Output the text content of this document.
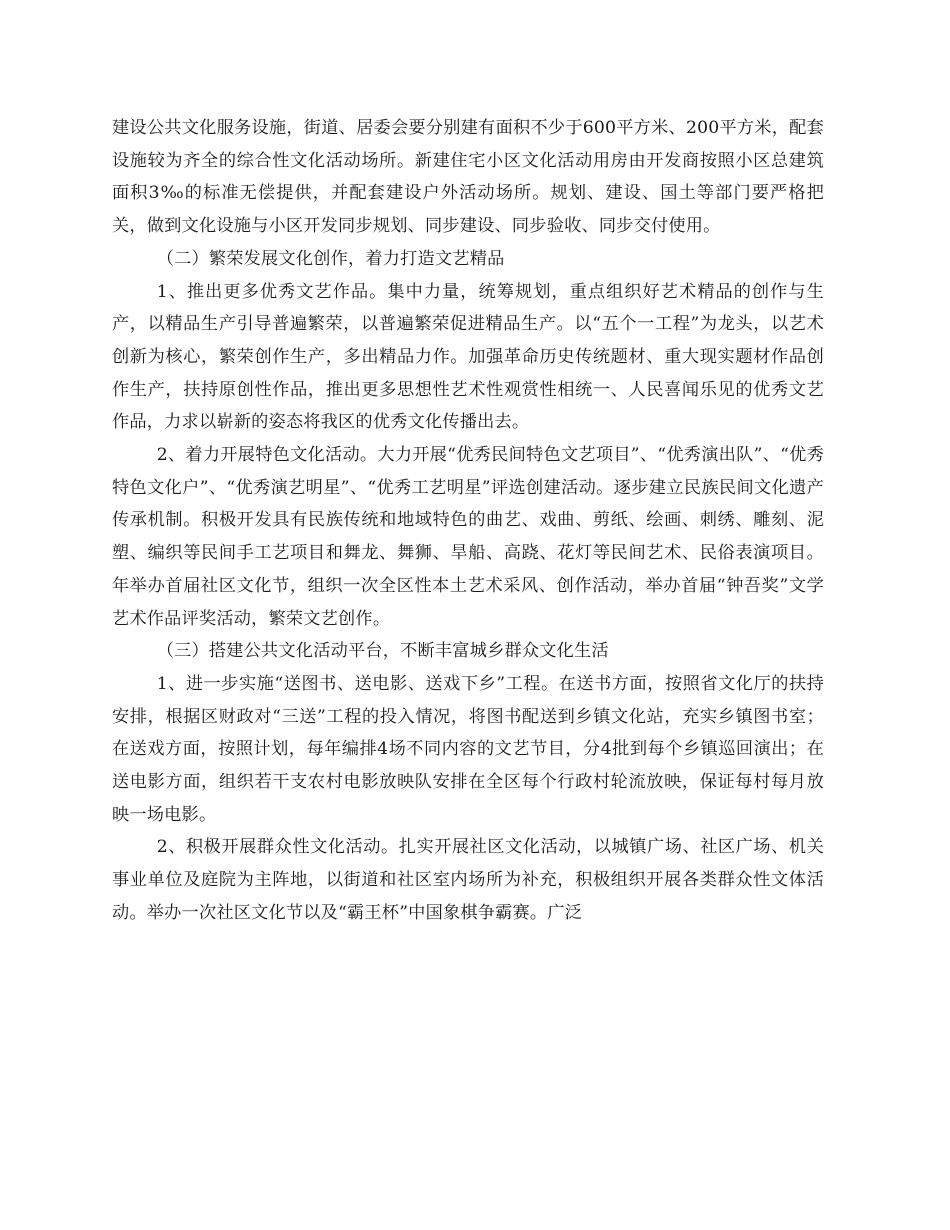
建设公共文化服务设施，街道、居委会要分别建有面积不少于600平方米、200平方米，配套设施较为齐全的综合性文化活动场所。新建住宅小区文化活动用房由开发商按照小区总建筑面积3‰的标准无偿提供，并配套建设户外活动场所。规划、建设、国土等部门要严格把关，做到文化设施与小区开发同步规划、同步建设、同步验收、同步交付使用。

（二）繁荣发展文化创作，着力打造文艺精品

1、推出更多优秀文艺作品。集中力量，统筹规划，重点组织好艺术精品的创作与生产，以精品生产引导普遍繁荣，以普遍繁荣促进精品生产。以“五个一工程”为龙头，以艺术创新为核心，繁荣创作生产，多出精品力作。加强革命历史传统题材、重大现实题材作品创作生产，扶持原创性作品，推出更多思想性艺术性观赏性相统一、人民喜闻乐见的优秀文艺作品，力求以崭新的姿态将我区的优秀文化传播出去。

2、着力开展特色文化活动。大力开展“优秀民间特色文艺项目”、“优秀演出队”、“优秀特色文化户”、“优秀演艺明星”、“优秀工艺明星”评选创建活动。逐步建立民族民间文化遗产传承机制。积极开发具有民族传统和地域特色的曲艺、戏曲、剪纸、绘画、刺绣、雕刻、泥塑、编织等民间手工艺项目和舞龙、舞狮、旱船、高跷、花灯等民间艺术、民俗表演项目。年举办首届社区文化节，组织一次全区性本土艺术采风、创作活动，举办首届“钟吾奖”文学艺术作品评奖活动，繁荣文艺创作。

（三）搭建公共文化活动平台，不断丰富城乡群众文化生活

1、进一步实施“送图书、送电影、送戏下乡”工程。在送书方面，按照省文化厅的扶持安排，根据区财政对“三送”工程的投入情况，将图书配送到乡镇文化站，充实乡镇图书室；在送戏方面，按照计划，每年编排4场不同内容的文艺节目，分4批到每个乡镇巡回演出；在送电影方面，组织若干支农村电影放映队安排在全区每个行政村轮流放映，保证每村每月放映一场电影。

2、积极开展群众性文化活动。扎实开展社区文化活动，以城镇广场、社区广场、机关事业单位及庭院为主阵地，以街道和社区室内场所为补充，积极组织开展各类群众性文体活动。举办一次社区文化节以及“霸王杯”中国象棋争霸赛。广泛
